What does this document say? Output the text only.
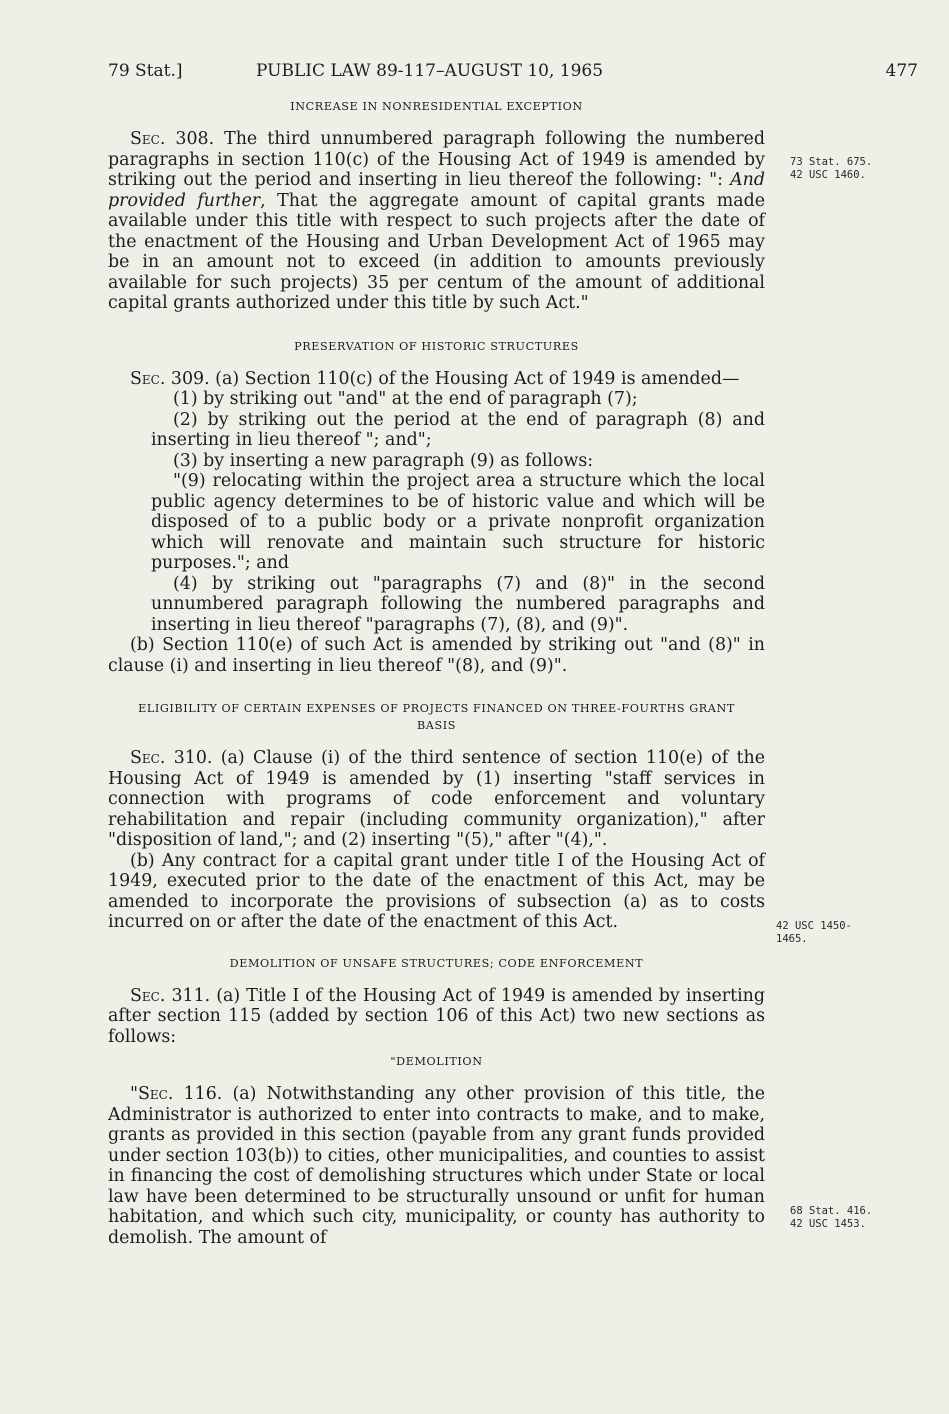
79 Stat.]	PUBLIC LAW 89-117–AUGUST 10, 1965	477
INCREASE IN NONRESIDENTIAL EXCEPTION

Sec. 308. The third unnumbered paragraph following the numbered paragraphs in section 110(c) of the Housing Act of 1949 is amended by striking out the period and inserting in lieu thereof the following: ": And provided further, That the aggregate amount of capital grants made available under this title with respect to such projects after the date of the enactment of the Housing and Urban Development Act of 1965 may be in an amount not to exceed (in addition to amounts previously available for such projects) 35 per centum of the amount of additional capital grants authorized under this title by such Act."

PRESERVATION OF HISTORIC STRUCTURES

Sec. 309. (a) Section 110(c) of the Housing Act of 1949 is amended—

(1) by striking out "and" at the end of paragraph (7);

(2) by striking out the period at the end of paragraph (8) and inserting in lieu thereof "; and";

(3) by inserting a new paragraph (9) as follows:

"(9) relocating within the project area a structure which the local public agency determines to be of historic value and which will be disposed of to a public body or a private nonprofit organization which will renovate and maintain such structure for historic purposes."; and

(4) by striking out "paragraphs (7) and (8)" in the second unnumbered paragraph following the numbered paragraphs and inserting in lieu thereof "paragraphs (7), (8), and (9)".

(b) Section 110(e) of such Act is amended by striking out "and (8)" in clause (i) and inserting in lieu thereof "(8), and (9)".

ELIGIBILITY OF CERTAIN EXPENSES OF PROJECTS FINANCED ON THREE-FOURTHS GRANT BASIS

Sec. 310. (a) Clause (i) of the third sentence of section 110(e) of the Housing Act of 1949 is amended by (1) inserting "staff services in connection with programs of code enforcement and voluntary rehabilitation and repair (including community organization)," after "disposition of land,"; and (2) inserting "(5)," after "(4),".

(b) Any contract for a capital grant under title I of the Housing Act of 1949, executed prior to the date of the enactment of this Act, may be amended to incorporate the provisions of subsection (a) as to costs incurred on or after the date of the enactment of this Act.

DEMOLITION OF UNSAFE STRUCTURES; CODE ENFORCEMENT

Sec. 311. (a) Title I of the Housing Act of 1949 is amended by inserting after section 115 (added by section 106 of this Act) two new sections as follows:

"DEMOLITION

"Sec. 116. (a) Notwithstanding any other provision of this title, the Administrator is authorized to enter into contracts to make, and to make, grants as provided in this section (payable from any grant funds provided under section 103(b)) to cities, other municipalities, and counties to assist in financing the cost of demolishing structures which under State or local law have been determined to be structurally unsound or unfit for human habitation, and which such city, municipality, or county has authority to demolish. The amount of

73 Stat. 675.
42 USC 1460.
42 USC 1450-
1465.
68 Stat. 416.
42 USC 1453.
